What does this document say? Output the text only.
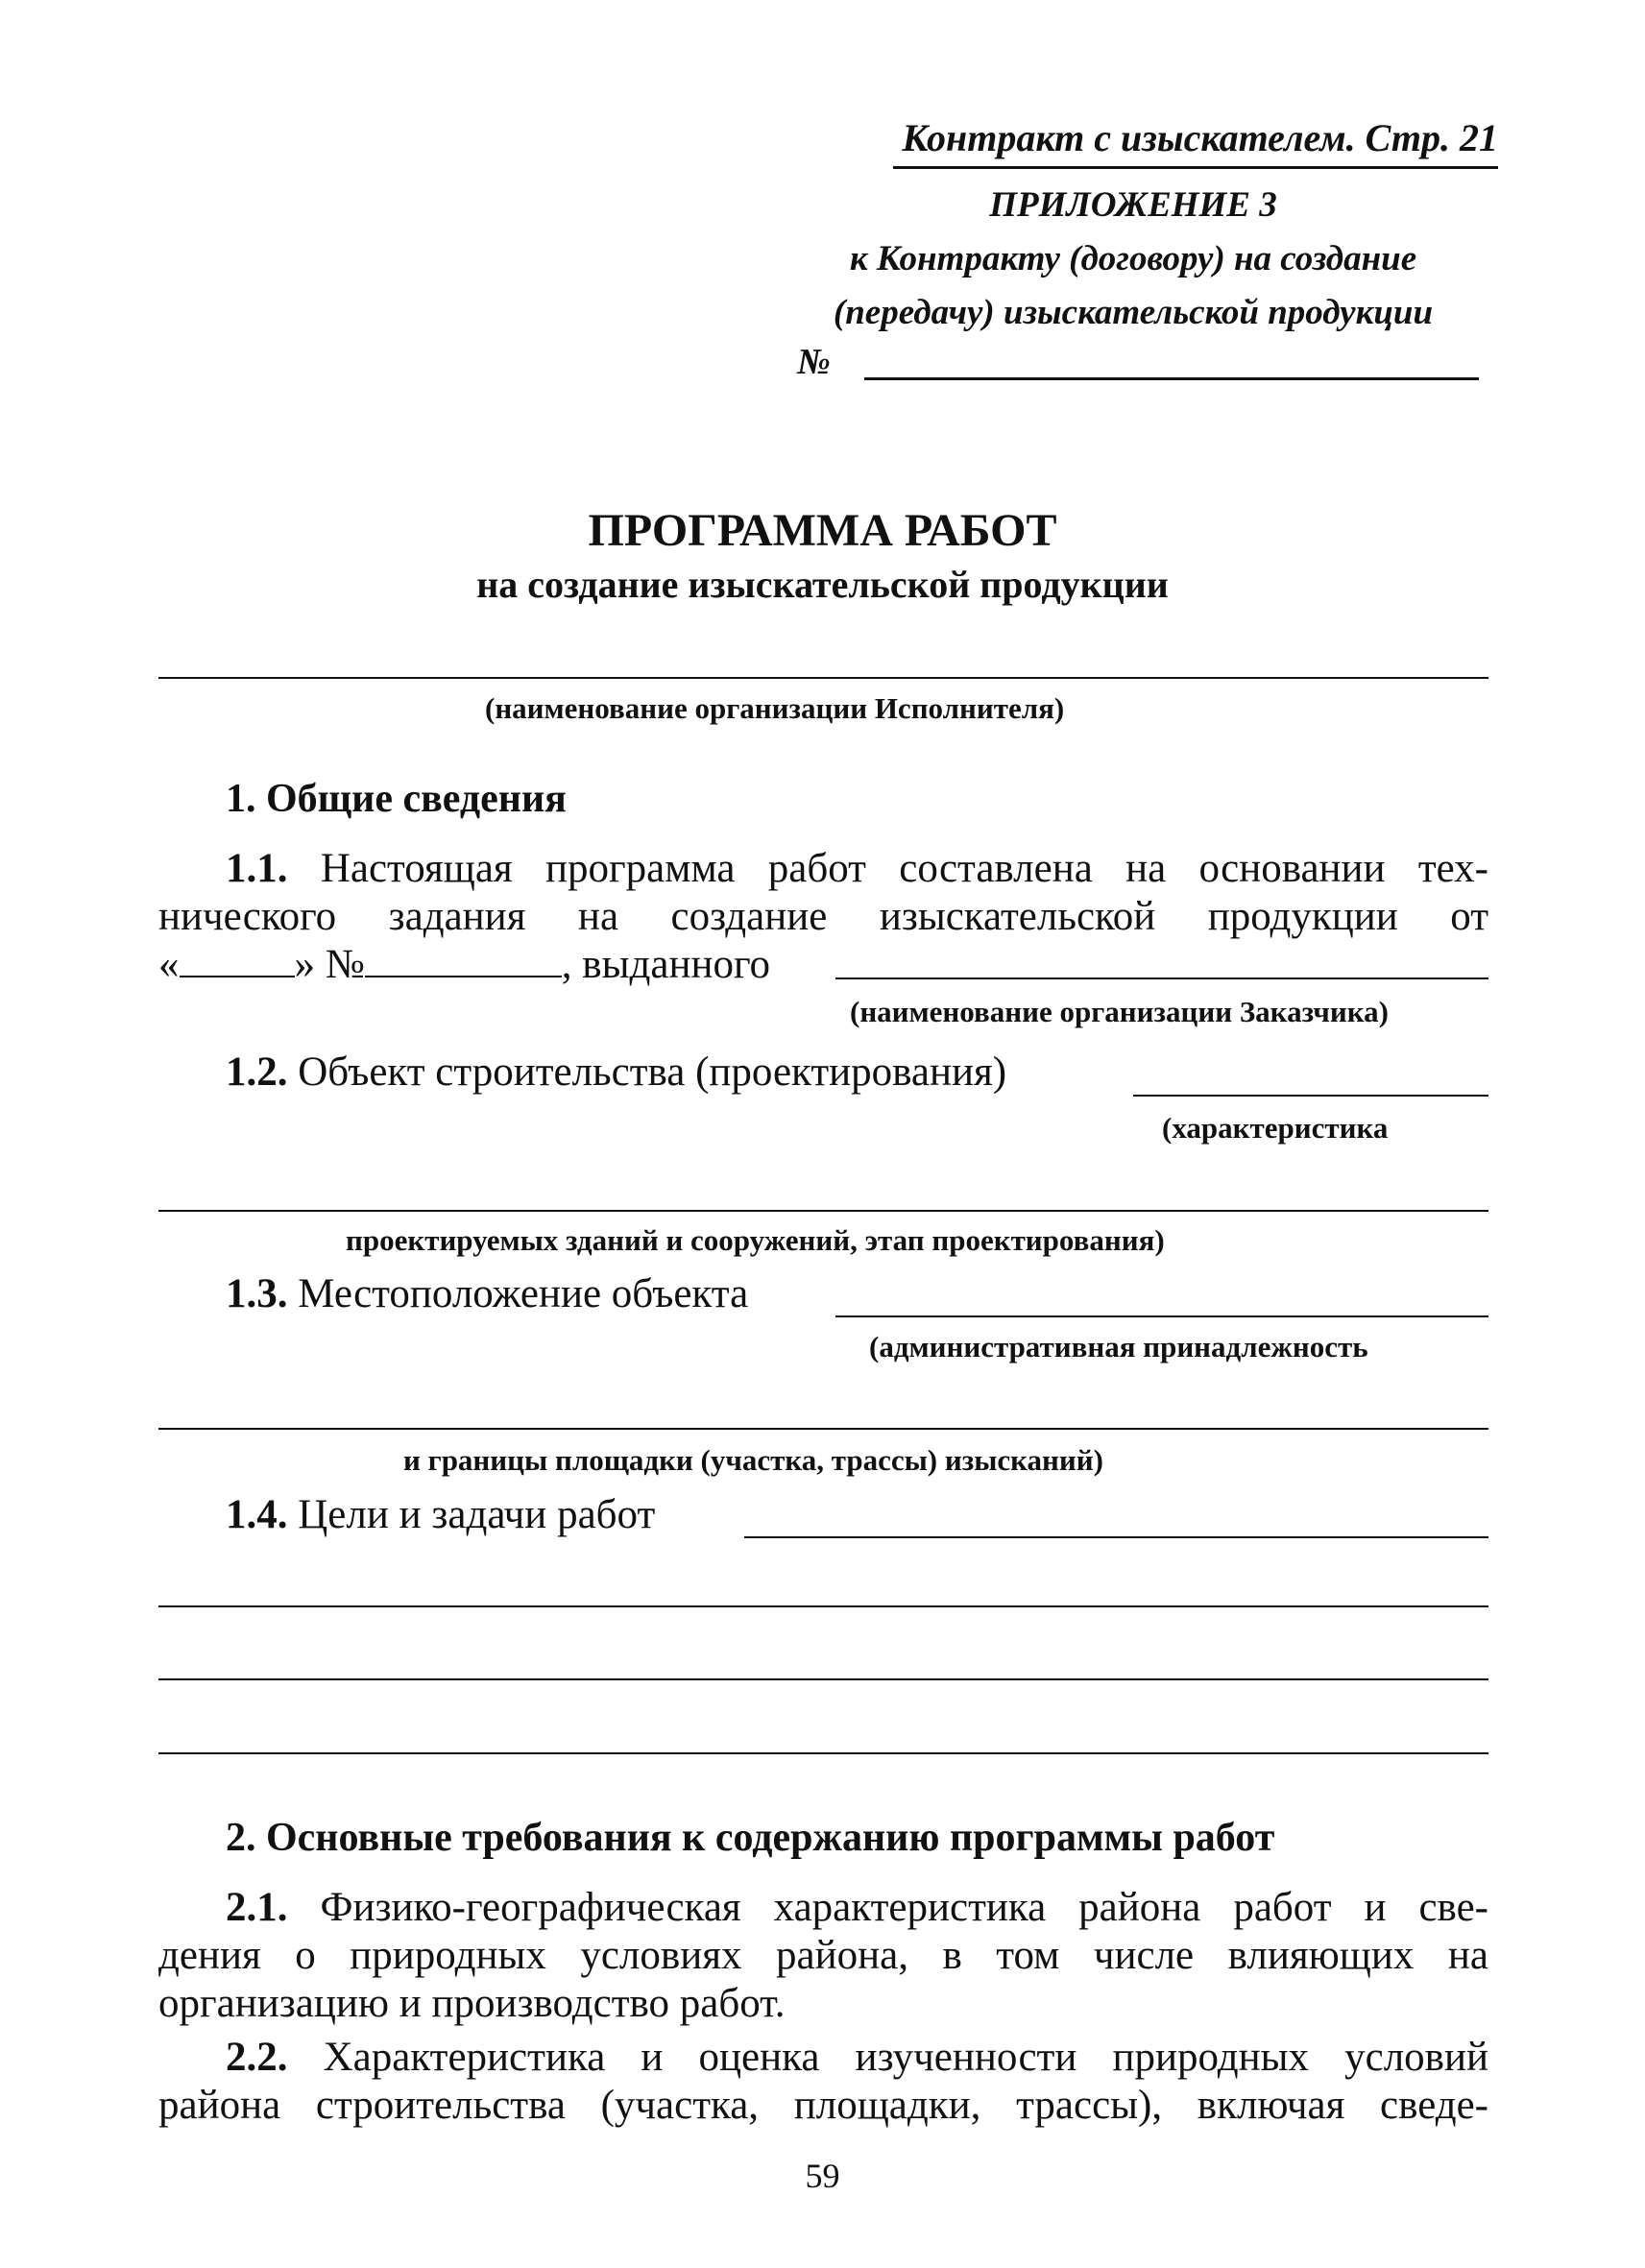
Контракт с изыскателем. Стр. 21
ПРИЛОЖЕНИЕ 3
к Контракту (договору) на создание
(передачу) изыскательской продукции
№
ПРОГРАММА РАБОТ
на создание изыскательской продукции
(наименование организации Исполнителя)
1. Общие сведения
1.1. Настоящая программа работ составлена на основании тех-
нического задания на создание изыскательской продукции от
«	» №	, выданного
(наименование организации Заказчика)
1.2. Объект строительства (проектирования)
(характеристика
проектируемых зданий и сооружений, этап проектирования)
1.3. Местоположение объекта
(административная принадлежность
и границы площадки (участка, трассы) изысканий)
1.4. Цели и задачи работ
2. Основные требования к содержанию программы работ
2.1. Физико-географическая характеристика района работ и све-
дения о природных условиях района, в том числе влияющих на
организацию и производство работ.
2.2. Характеристика и оценка изученности природных условий
района строительства (участка, площадки, трассы), включая сведе-
59
